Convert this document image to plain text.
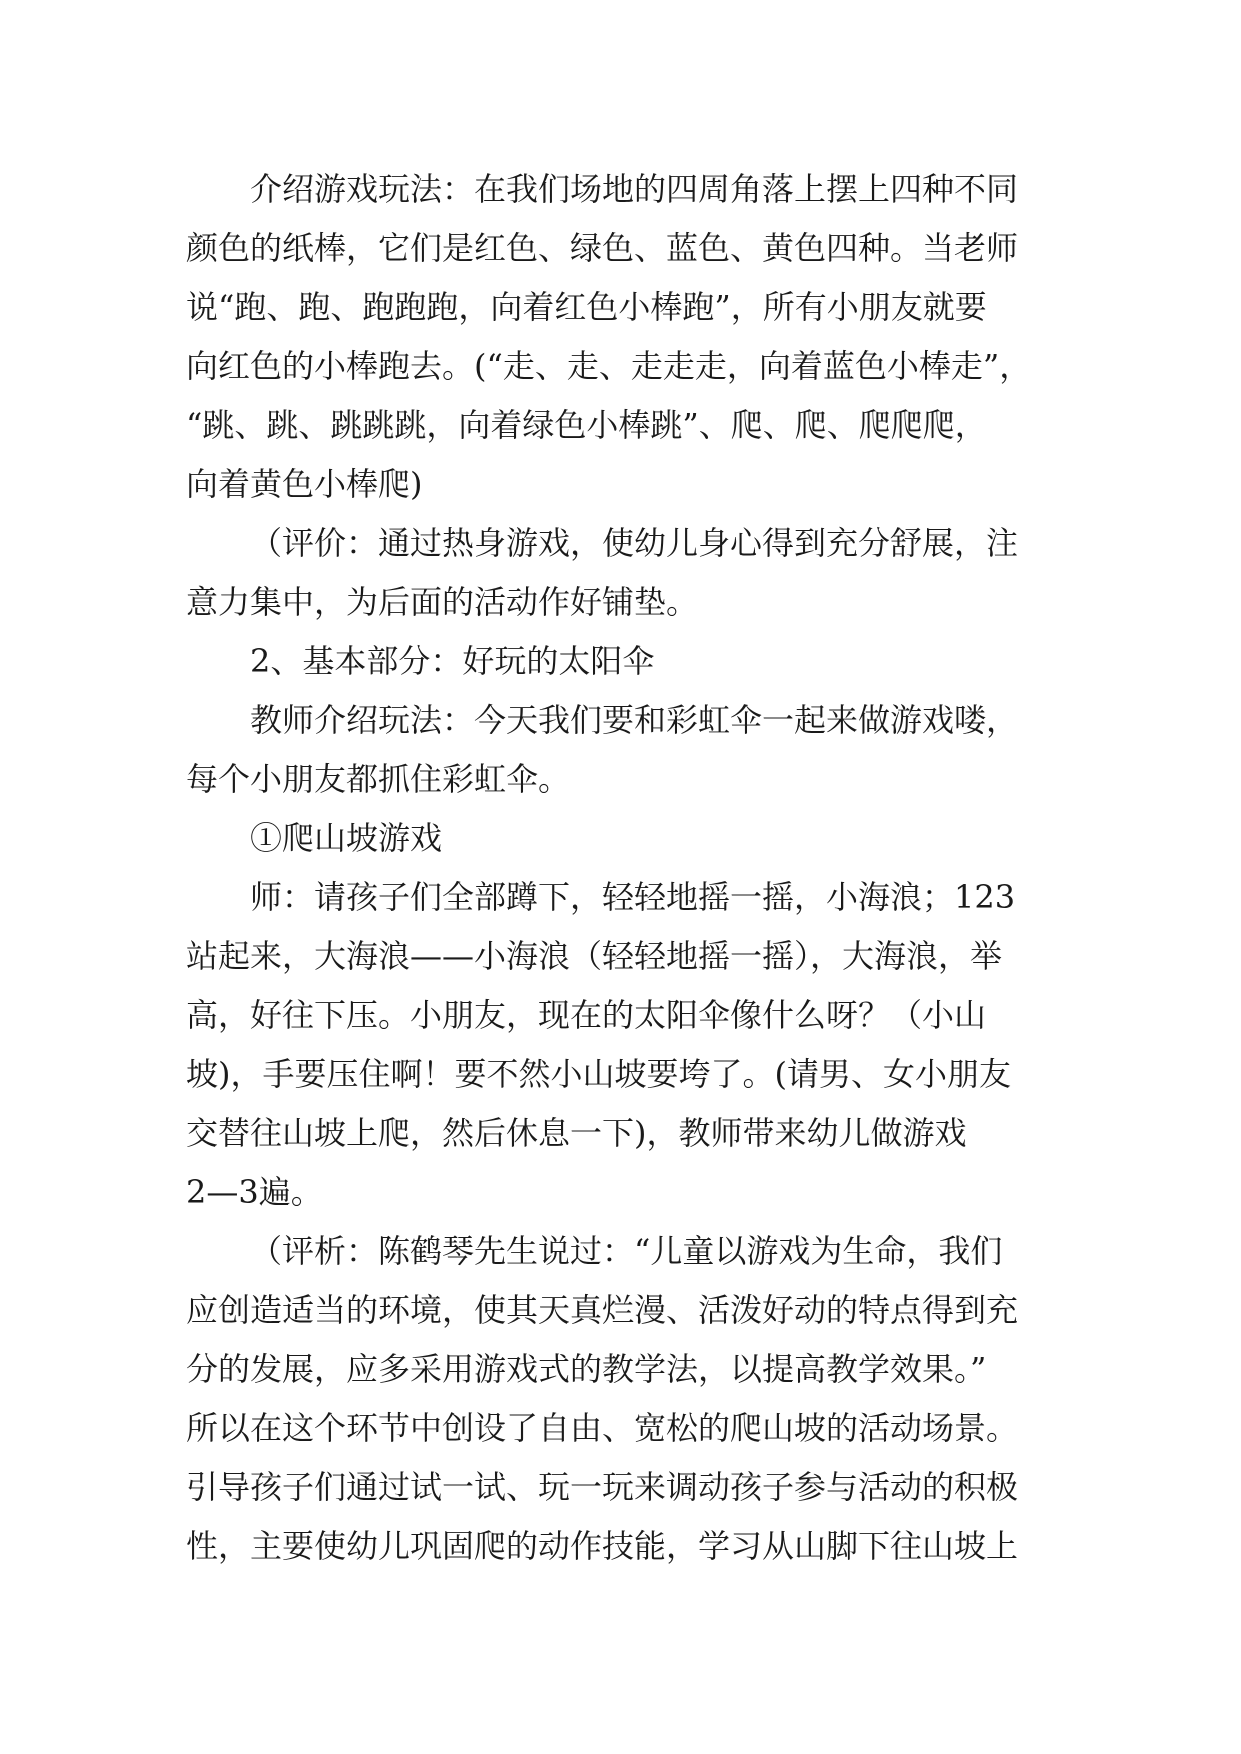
介绍游戏玩法：在我们场地的四周角落上摆上四种不同
颜色的纸棒，它们是红色、绿色、蓝色、黄色四种。当老师
说“跑、跑、跑跑跑，向着红色小棒跑”，所有小朋友就要
向红色的小棒跑去。(“走、走、走走走，向着蓝色小棒走”，
“跳、跳、跳跳跳，向着绿色小棒跳”、爬、爬、爬爬爬，
向着黄色小棒爬)

（评价：通过热身游戏，使幼儿身心得到充分舒展，注
意力集中，为后面的活动作好铺垫。

2、基本部分：好玩的太阳伞

教师介绍玩法：今天我们要和彩虹伞一起来做游戏喽，
每个小朋友都抓住彩虹伞。

①爬山坡游戏

师：请孩子们全部蹲下，轻轻地摇一摇，小海浪；123
站起来，大海浪——小海浪（轻轻地摇一摇），大海浪，举
高，好往下压。小朋友，现在的太阳伞像什么呀？（小山
坡)，手要压住啊！要不然小山坡要垮了。(请男、女小朋友
交替往山坡上爬，然后休息一下)，教师带来幼儿做游戏
2—3遍。

（评析：陈鹤琴先生说过：“儿童以游戏为生命，我们
应创造适当的环境，使其天真烂漫、活泼好动的特点得到充
分的发展，应多采用游戏式的教学法，以提高教学效果。”
所以在这个环节中创设了自由、宽松的爬山坡的活动场景。
引导孩子们通过试一试、玩一玩来调动孩子参与活动的积极
性，主要使幼儿巩固爬的动作技能，学习从山脚下往山坡上
